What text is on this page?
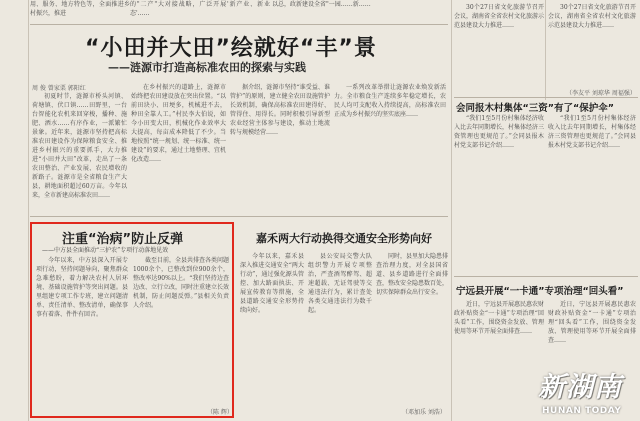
用、服务、地方特色等，全面推进乡村振兴，推进
的"二产"大对接战略，广泛开展'新产业、新业态'……
以总，政新建设全省"一园……新……
“小田并大田”绘就好“丰”景
——涟源市打造高标准农田的探索与实践
周 俊 曾家栗 郭阳红

初夏时节，涟源市桥头河镇、荷塘镇、伏口镇……田野里，一台台智能化农机来回穿梭，播种、施肥、洒水……有序作业，一派繁忙景象。近年来，涟源市坚持把高标准农田建设作为保障粮食安全、推进乡村振兴的重要抓手，大力推进“小田并大田”改革，走出了一条农田整治、产业发展、农民增收的新路子。涟源市是全省粮食生产大县，耕地面积超过60万亩。今年以来，全市新建高标准农田……

在乡村振兴的道路上，涟源市始终把农田建设放在突出位置。“以前田块小、田埂多，机械进不去，种田全靠人工。”村民李大伯说，如今小田变大田，机械化作业效率大大提高，每亩成本降低了不少。当地按照“统一规划、统一标准、统一建设”的要求，通过土地整理、宜机化改造……

据介绍，涟源市坚持“谁受益、谁管护”的原则，建立健全农田设施管护长效机制，确保高标准农田建得好、管得住、用得长。同时积极引导新型农业经营主体参与建设，推动土地流转与规模经营……

一系列改革举措让涟源农业焕发新活力。全市粮食生产连续多年稳定增长，农民人均可支配收入持续提高，高标准农田正成为乡村振兴的坚实底座……

注重“治病”防止反弹
——中方县全面推动“三护农”专项行动落地见效

今年以来，中方县深入开展专项行动，坚持问题导向，聚焦群众急难愁盼，着力解决农村人居环境、基础设施管护等突出问题。县里组建专项工作专班，建立问题清单、责任清单、整改清单，确保事事有着落、件件有回音。

截至目前，全县共排查各类问题1000余个，已整改到位900余个，整改率达90%以上。“我们坚持边查边改、立行立改，同时注重建立长效机制，防止问题反弹。”县相关负责人介绍。

（陈 辉）
嘉禾两大行动换得交通安全形势向好

今年以来，嘉禾县深入推进交通安全“两大行动”，通过强化源头管控、加大路面执法、开展宣传教育等措施，全县道路交通安全形势持续向好。

县公安局交警大队组织警力开展专项整治，严查酒驾醉驾、超速超载、无证驾驶等交通违法行为，累计查处各类交通违法行为数千起。

同时，县里加大隐患排查治理力度，对全县国省道、县乡道路进行全面排查，整改安全隐患数百处，切实保障群众出行安全。

（邓加乐 刘浩）

30个27日省文化旅游节召开会议，湖南省全省农村文化旅游示范县建设大力推进……

30个27日省文化旅游节召开会议，湖南省全省农村文化旅游示范县建设大力推进……

（李友平 刘琼华 周福强）
会同报木村集体“三资”有了“保护伞”

“我们1至5月份村集体经济收入比去年同期增长，村集体经济三资管理也更规范了。”会同县报木村党支部书记介绍……

“我们1至5月份村集体经济收入比去年同期增长，村集体经济三资管理也更规范了。”会同县报木村党支部书记介绍……

宁远县开展“一卡通”专项治理“回头看”

近日，宁远县开展惠民惠农财政补贴资金“一卡通”专项治理“回头看”工作，围绕资金发放、管理使用等环节开展全面排查……

近日，宁远县开展惠民惠农财政补贴资金“一卡通”专项治理“回头看”工作，围绕资金发放、管理使用等环节开展全面排查……

新湖南
HUNAN TODAY
